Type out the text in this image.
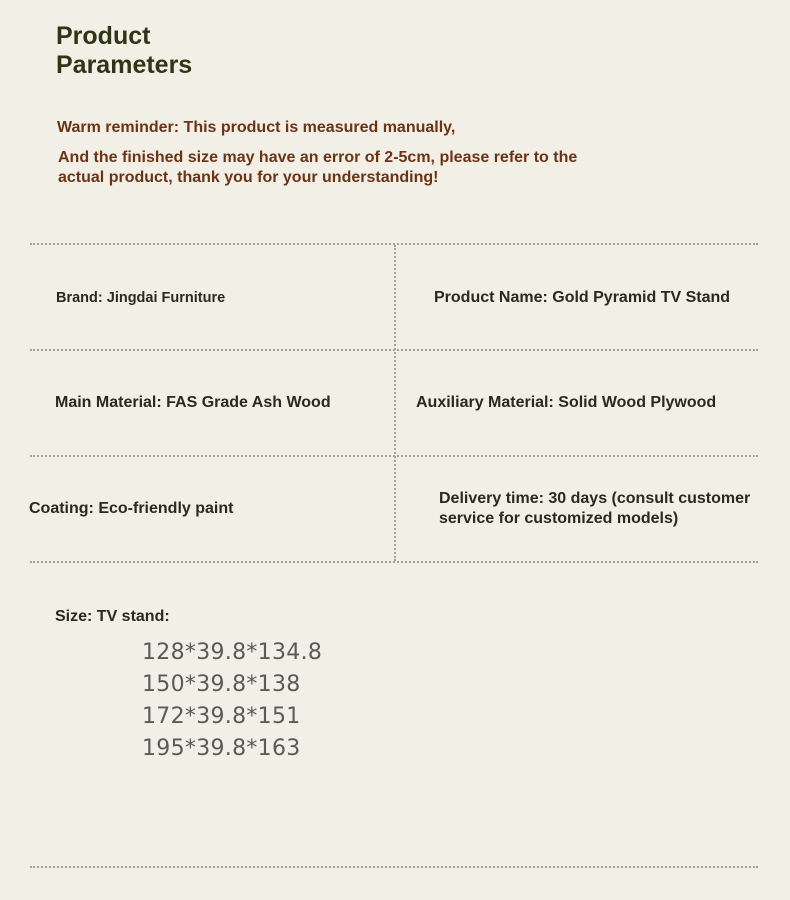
Product
Parameters

Warm reminder: This product is measured manually,

And the finished size may have an error of 2-5cm, please refer to the actual product, thank you for your understanding!

Brand: Jingdai Furniture	Product Name: Gold Pyramid TV Stand

Main Material: FAS Grade Ash Wood	Auxiliary Material: Solid Wood Plywood

Coating: Eco-friendly paint

Delivery time: 30 days (consult customer service for customized models)

Size: TV stand:

128*39.8*134.8
150*39.8*138
172*39.8*151
195*39.8*163
